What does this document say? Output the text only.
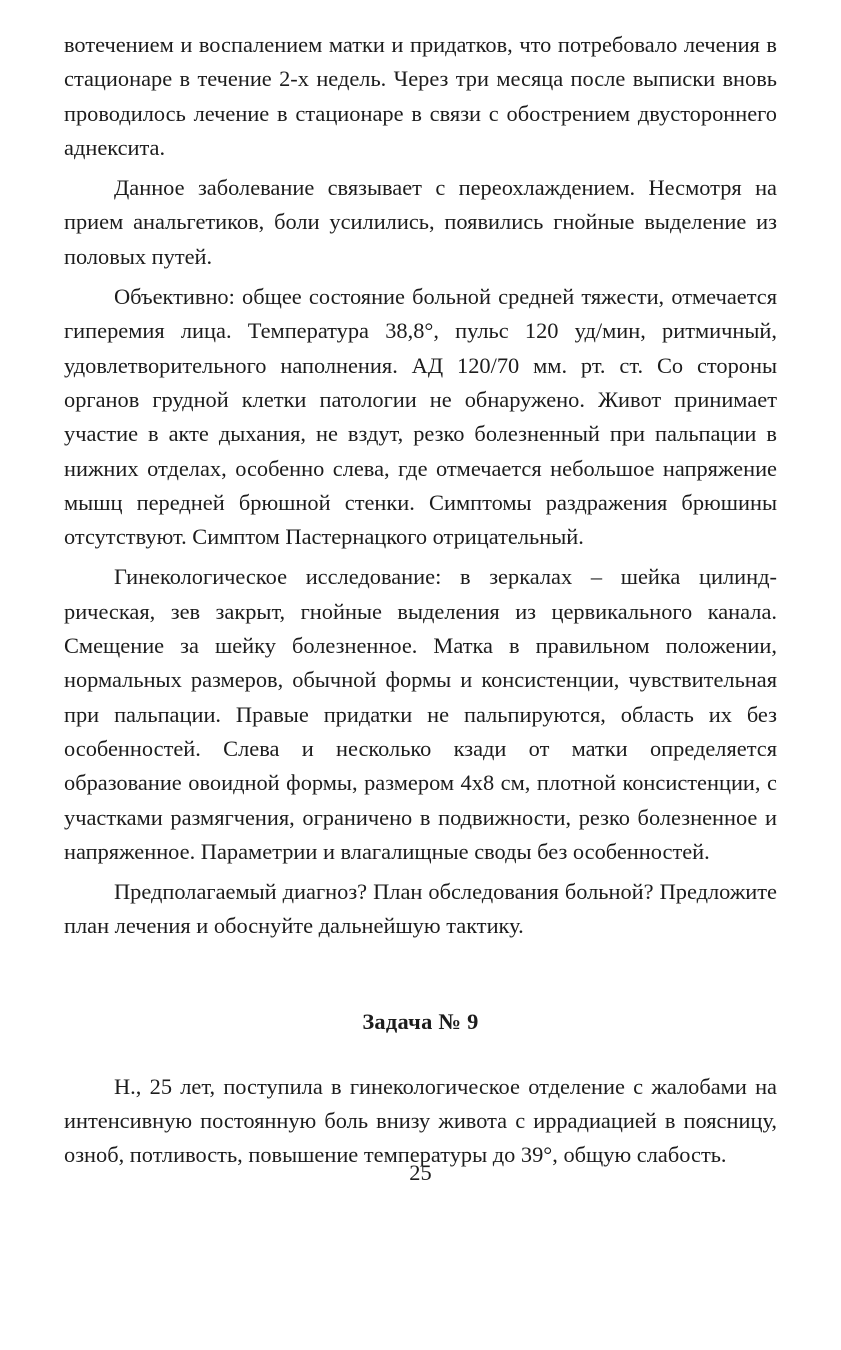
вотечением и воспалением матки и придатков, что потребовало лечения в стационаре в течение 2-х недель. Через три месяца после выписки вновь проводилось лечение в стационаре в связи с обострением двустороннего аднексита.

Данное заболевание связывает с переохлаждением. Несмотря на прием анальгетиков, боли усилились, появились гнойные выделение из половых путей.

Объективно: общее состояние больной средней тяжести, отмечается гиперемия лица. Температура 38,8°, пульс 120 уд/мин, ритмичный, удовлетворительного наполнения. АД 120/70 мм. рт. ст. Со стороны органов грудной клетки патологии не обнаружено. Живот принимает участие в акте дыхания, не вздут, резко болезненный при пальпации в нижних отделах, особенно слева, где отмечается небольшое напряжение мышц передней брюшной стенки. Симптомы раздражения брюшины отсутствуют. Симптом Пастернацкого отрицательный.

Гинекологическое исследование: в зеркалах – шейка цилиндрическая, зев закрыт, гнойные выделения из цервикального канала. Смещение за шейку болезненное. Матка в правильном положении, нормальных размеров, обычной формы и консистенции, чувствительная при пальпации. Правые придатки не пальпируются, область их без особенностей. Слева и несколько кзади от матки определяется образование овоидной формы, размером 4х8 см, плотной консистенции, с участками размягчения, ограничено в подвижности, резко болезненное и напряженное. Параметрии и влагалищные своды без особенностей.

Предполагаемый диагноз? План обследования больной? Предложите план лечения и обоснуйте дальнейшую тактику.

Задача № 9

Н., 25 лет, поступила в гинекологическое отделение с жалобами на интенсивную постоянную боль внизу живота с иррадиацией в поясницу, озноб, потливость, повышение температуры до 39°, общую слабость.

25
